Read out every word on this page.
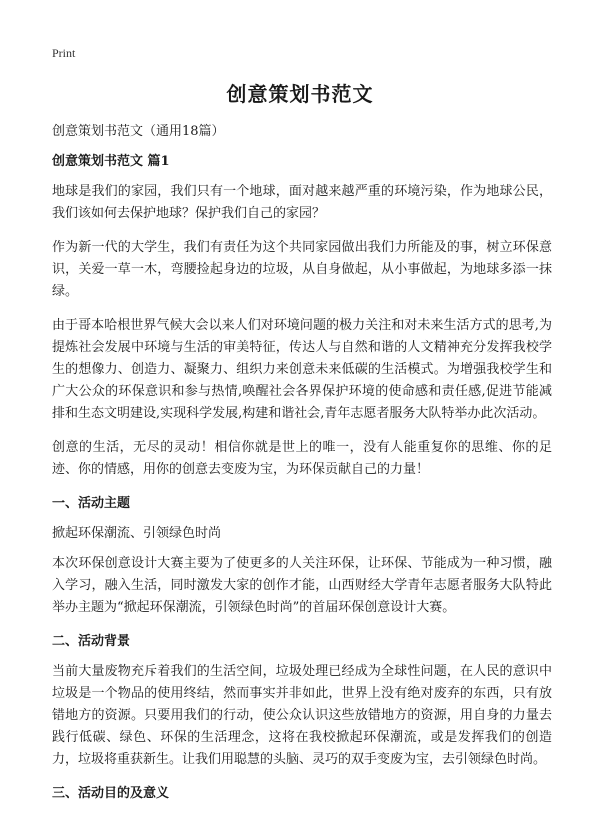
Print
创意策划书范文

创意策划书范文（通用18篇）

创意策划书范文 篇1

地球是我们的家园，我们只有一个地球，面对越来越严重的环境污染，作为地球公民，我们该如何去保护地球？保护我们自己的家园？

作为新一代的大学生，我们有责任为这个共同家园做出我们力所能及的事，树立环保意识，关爱一草一木，弯腰捡起身边的垃圾，从自身做起，从小事做起，为地球多添一抹绿。

由于哥本哈根世界气候大会以来人们对环境问题的极力关注和对未来生活方式的思考,为提炼社会发展中环境与生活的审美特征，传达人与自然和谐的人文精神充分发挥我校学生的想像力、创造力、凝聚力、组织力来创意未来低碳的生活模式。为增强我校学生和广大公众的环保意识和参与热情,唤醒社会各界保护环境的使命感和责任感,促进节能减排和生态文明建设,实现科学发展,构建和谐社会,青年志愿者服务大队特举办此次活动。

创意的生活，无尽的灵动！相信你就是世上的唯一，没有人能重复你的思维、你的足迹、你的情感，用你的创意去变废为宝，为环保贡献自己的力量！

一、活动主题

掀起环保潮流、引领绿色时尚

本次环保创意设计大赛主要为了使更多的人关注环保，让环保、节能成为一种习惯，融入学习，融入生活，同时激发大家的创作才能，山西财经大学青年志愿者服务大队特此举办主题为“掀起环保潮流，引领绿色时尚”的首届环保创意设计大赛。

二、活动背景

当前大量废物充斥着我们的生活空间，垃圾处理已经成为全球性问题，在人民的意识中垃圾是一个物品的使用终结，然而事实并非如此，世界上没有绝对废弃的东西，只有放错地方的资源。只要用我们的行动，使公众认识这些放错地方的资源，用自身的力量去践行低碳、绿色、环保的生活理念，这将在我校掀起环保潮流，或是发挥我们的创造力，垃圾将重获新生。让我们用聪慧的头脑、灵巧的双手变废为宝，去引领绿色时尚。

三、活动目的及意义
